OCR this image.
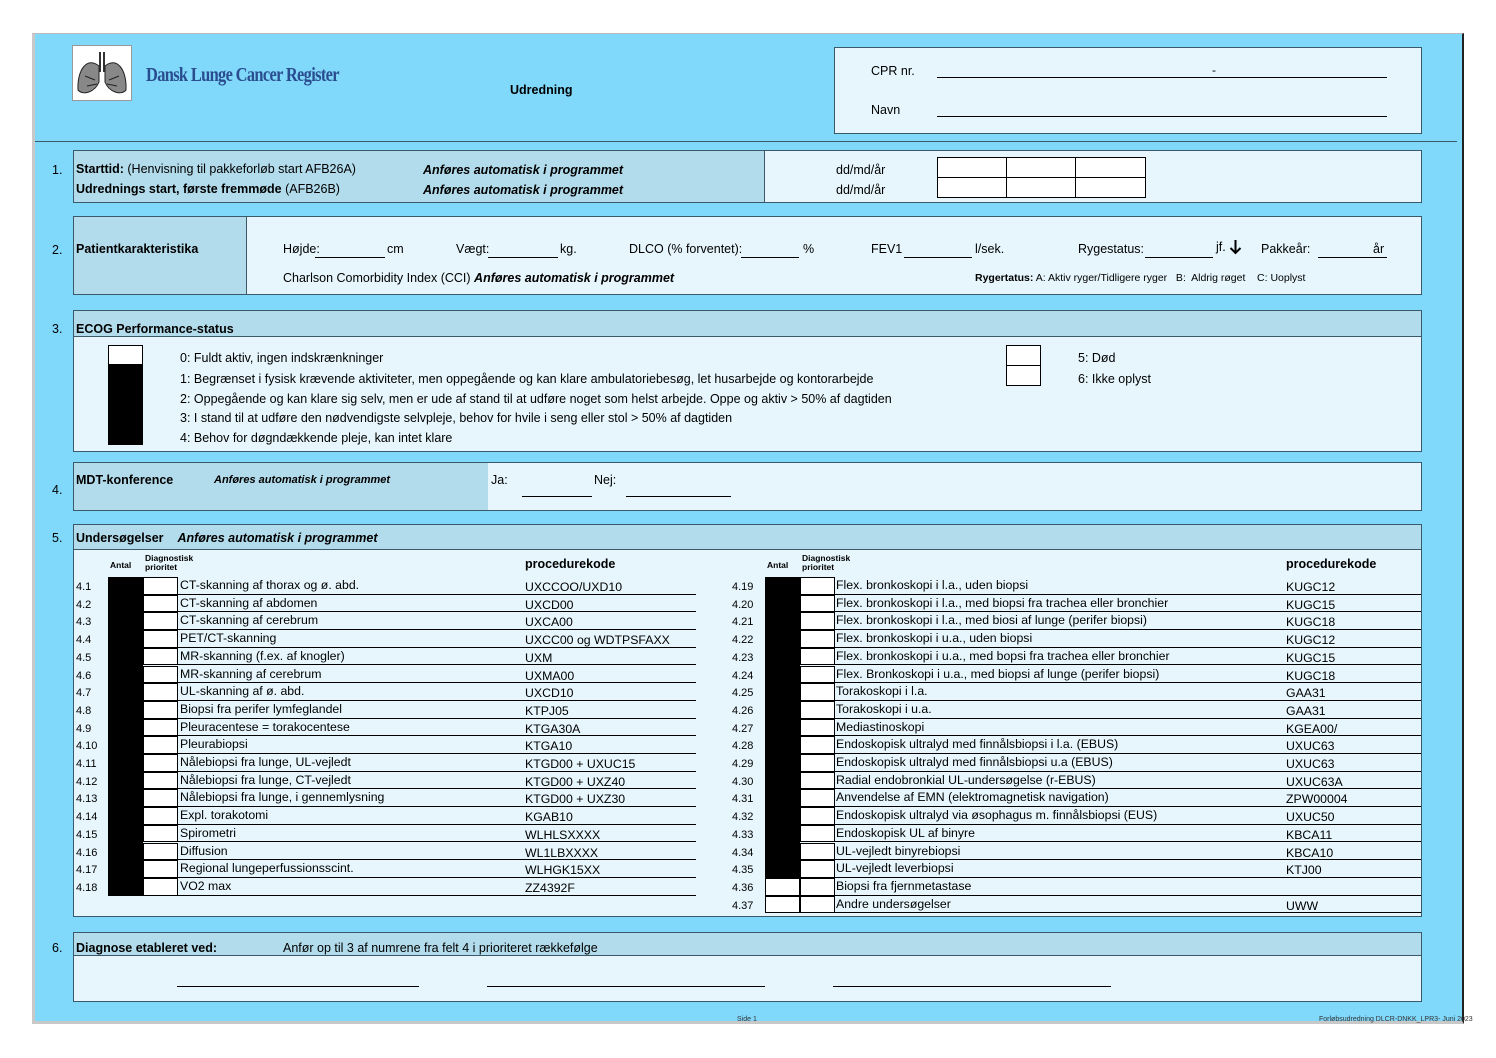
Dansk Lunge Cancer Register
Udredning
CPR nr.	-
Navn
1. Starttid: (Henvisning til pakkeforløb start AFB26A)
Udrednings start, første fremmøde (AFB26B)
Anføres automatisk i programmet
Anføres automatisk i programmet
dd/md/år
dd/md/år
2. Patientkarakteristika	Højde:	cm	Vægt:	kg.	DLCO (% forventet):	%	FEV1	l/sek.	Rygestatus:	jf.	Pakkeår:	år
Charlson Comorbidity Index (CCI) Anføres automatisk i programmet	Rygertatus: A: Aktiv ryger/Tidligere ryger   B:  Aldrig røget    C: Uoplyst
3. ECOG Performance-status
0: Fuldt aktiv, ingen indskrænkninger
1: Begrænset i fysisk krævende aktiviteter, men oppegående og kan klare ambulatoriebesøg, let husarbejde og kontorarbejde
2: Oppegående og kan klare sig selv, men er ude af stand til at udføre noget som helst arbejde. Oppe og aktiv > 50% af dagtiden
3: I stand til at udføre den nødvendigste selvpleje, behov for hvile i seng eller stol > 50% af dagtiden
4: Behov for døgndækkende pleje, kan intet klare
5: Død
6: Ikke oplyst
4.
MDT-konference	Anføres automatisk i programmet	Ja:	Nej:
5. Undersøgelser Anføres automatisk i programmet
Antal
Diagnostisk
prioritet	procedurekode
4.1	CT-skanning af thorax og ø. abd.	UXCCOO/UXD10
4.2	CT-skanning af abdomen	UXCD00
4.3	CT-skanning af cerebrum	UXCA00
4.4	PET/CT-skanning	UXCC00 og WDTPSFAXX
4.5	MR-skanning (f.ex. af knogler)	UXM
4.6	MR-skanning af cerebrum	UXMA00
4.7	UL-skanning af ø. abd.	UXCD10
4.8	Biopsi fra perifer lymfeglandel	KTPJ05
4.9	Pleuracentese = torakocentese	KTGA30A
4.10	Pleurabiopsi	KTGA10
4.11	Nålebiopsi fra lunge, UL-vejledt	KTGD00 + UXUC15
4.12	Nålebiopsi fra lunge, CT-vejledt	KTGD00 + UXZ40
4.13	Nålebiopsi fra lunge, i gennemlysning	KTGD00 + UXZ30
4.14	Expl. torakotomi	KGAB10
4.15	Spirometri	WLHLSXXXX
4.16	Diffusion	WL1LBXXXX
4.17	Regional lungeperfussionsscint.	WLHGK15XX
4.18	VO2 max	ZZ4392F
Antal
Diagnostisk
prioritet	procedurekode
4.19	Flex. bronkoskopi i l.a., uden biopsi	KUGC12
4.20	Flex. bronkoskopi i l.a., med biopsi fra trachea eller bronchier	KUGC15
4.21	Flex. bronkoskopi i l.a., med biosi af lunge (perifer biopsi)	KUGC18
4.22	Flex. bronkoskopi i u.a., uden biopsi	KUGC12
4.23	Flex. bronkoskopi i u.a., med bopsi fra trachea eller bronchier	KUGC15
4.24	Flex. Bronkoskopi i u.a., med biopsi af lunge (perifer biopsi)	KUGC18
4.25	Torakoskopi i l.a.	GAA31
4.26	Torakoskopi i u.a.	GAA31
4.27	Mediastinoskopi	KGEA00/
4.28	Endoskopisk ultralyd med finnålsbiopsi i l.a. (EBUS)	UXUC63
4.29	Endoskopisk ultralyd med finnålsbiopsi u.a (EBUS)	UXUC63
4.30	Radial endobronkial UL-undersøgelse (r-EBUS)	UXUC63A
4.31	Anvendelse af EMN (elektromagnetisk navigation)	ZPW00004
4.32	Endoskopisk ultralyd via øsophagus m. finnålsbiopsi (EUS)	UXUC50
4.33	Endoskopisk UL af binyre	KBCA11
4.34	UL-vejledt binyrebiopsi	KBCA10
4.35	UL-vejledt leverbiopsi	KTJ00
4.36	Biopsi fra fjernmetastase
4.37	Andre undersøgelser	UWW
6. Diagnose etableret ved:	Anfør op til 3 af numrene fra felt 4 i prioriteret rækkefølge
Side 1	Forløbsudredning DLCR-DNKK_LPR3- Juni 2023
